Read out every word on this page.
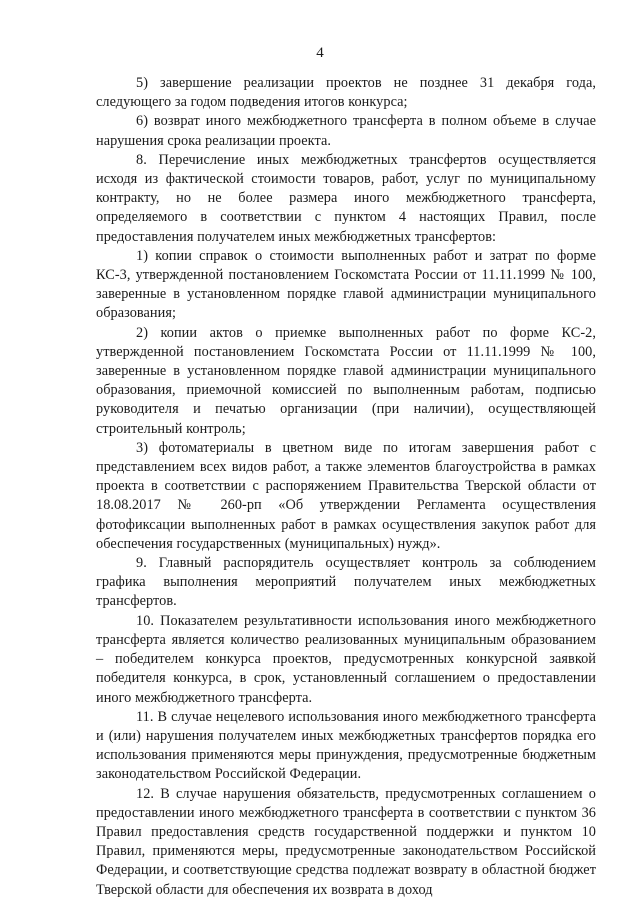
4

5) завершение реализации проектов не позднее 31 декабря года, следующего за годом подведения итогов конкурса;

6) возврат иного межбюджетного трансферта в полном объеме в случае нарушения срока реализации проекта.

8. Перечисление иных межбюджетных трансфертов осуществляется исходя из фактической стоимости товаров, работ, услуг по муниципальному контракту, но не более размера иного межбюджетного трансферта, определяемого в соответствии с пунктом 4 настоящих Правил, после предоставления получателем иных межбюджетных трансфертов:

1) копии справок о стоимости выполненных работ и затрат по форме КС-3, утвержденной постановлением Госкомстата России от 11.11.1999 № 100, заверенные в установленном порядке главой администрации муниципального образования;

2) копии актов о приемке выполненных работ по форме КС-2, утвержденной постановлением Госкомстата России от 11.11.1999 № 100, заверенные в установленном порядке главой администрации муниципального образования, приемочной комиссией по выполненным работам, подписью руководителя и печатью организации (при наличии), осуществляющей строительный контроль;

3) фотоматериалы в цветном виде по итогам завершения работ с представлением всех видов работ, а также элементов благоустройства в рамках проекта в соответствии с распоряжением Правительства Тверской области от 18.08.2017 № 260-рп «Об утверждении Регламента осуществления фотофиксации выполненных работ в рамках осуществления закупок работ для обеспечения государственных (муниципальных) нужд».

9. Главный распорядитель осуществляет контроль за соблюдением графика выполнения мероприятий получателем иных межбюджетных трансфертов.

10. Показателем результативности использования иного межбюджетного трансферта является количество реализованных муниципальным образованием – победителем конкурса проектов, предусмотренных конкурсной заявкой победителя конкурса, в срок, установленный соглашением о предоставлении иного межбюджетного трансферта.

11. В случае нецелевого использования иного межбюджетного трансферта и (или) нарушения получателем иных межбюджетных трансфертов порядка его использования применяются меры принуждения, предусмотренные бюджетным законодательством Российской Федерации.

12. В случае нарушения обязательств, предусмотренных соглашением о предоставлении иного межбюджетного трансферта в соответствии с пунктом 36 Правил предоставления средств государственной поддержки и пунктом 10 Правил, применяются меры, предусмотренные законодательством Российской Федерации, и соответствующие средства подлежат возврату в областной бюджет Тверской области для обеспечения их возврата в доход
